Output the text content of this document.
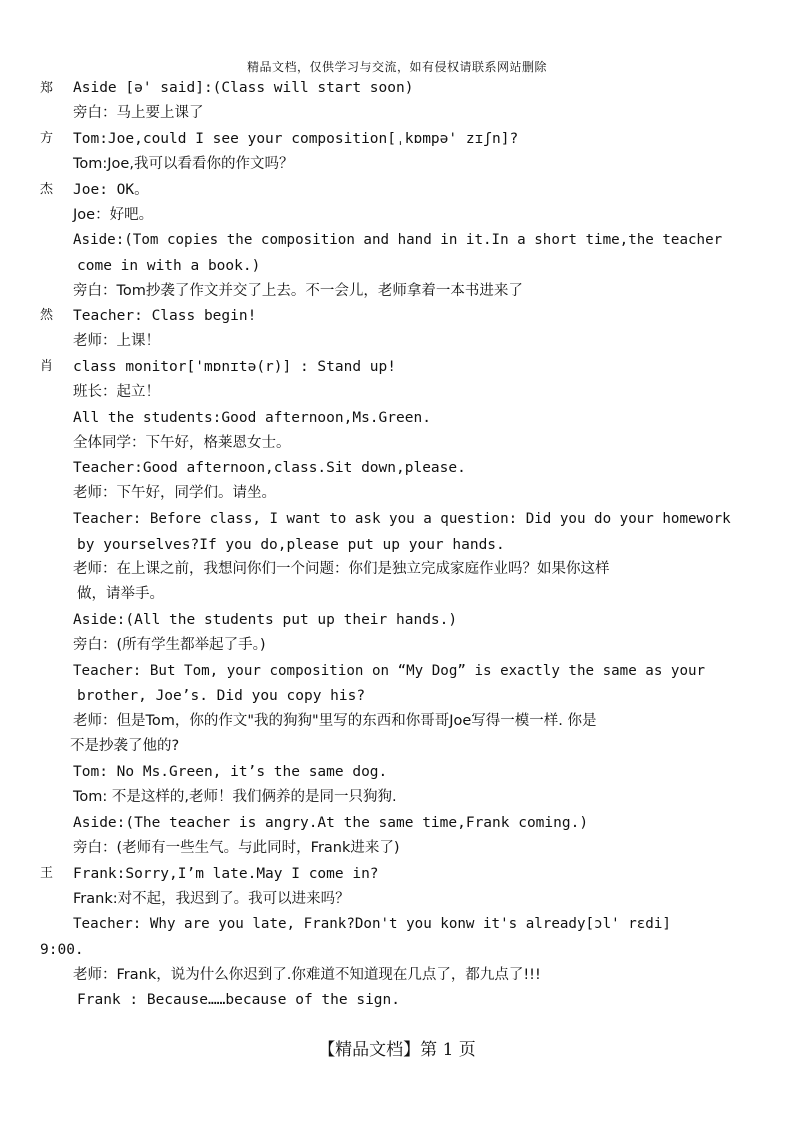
精品文档，仅供学习与交流，如有侵权请联系网站删除
郑
方
杰
然
肖
王
Aside [ə' said]:(Class will start soon)
旁白：马上要上课了
Tom:Joe,could I see your composition[ˌkɒmpə' zɪʃn]?
Tom:Joe,我可以看看你的作文吗？
Joe: OK。
Joe：好吧。
Aside:(Tom copies the composition and hand in it.In a short time,the teacher
come in with a book.)
旁白：Tom抄袭了作文并交了上去。不一会儿，老师拿着一本书进来了
Teacher: Class begin!
老师：上课！
class monitor['mɒnɪtə(r)] : Stand up!
班长：起立！
All the students:Good afternoon,Ms.Green.
全体同学：下午好，格莱恩女士。
Teacher:Good afternoon,class.Sit down,please.
老师：下午好，同学们。请坐。
Teacher: Before class, I want to ask you a question: Did you do your homework
by yourselves?If you do,please put up your hands.
老师：在上课之前，我想问你们一个问题：你们是独立完成家庭作业吗？如果你这样
做，请举手。
Aside:(All the students put up their hands.)
旁白：(所有学生都举起了手。)
Teacher: But Tom, your composition on “My Dog” is exactly the same as your
brother, Joe’s. Did you copy his?
老师：但是Tom，你的作文"我的狗狗"里写的东西和你哥哥Joe写得一模一样. 你是
不是抄袭了他的?
Tom: No Ms.Green, it’s the same dog.
Tom: 不是这样的,老师！我们俩养的是同一只狗狗.
Aside:(The teacher is angry.At the same time,Frank coming.)
旁白：(老师有一些生气。与此同时，Frank进来了)
Frank:Sorry,I’m late.May I come in?
Frank:对不起，我迟到了。我可以进来吗？
Teacher: Why are you late, Frank?Don't you konw it's already[ɔl' rɛdi]
9:00.
老师：Frank，说为什么你迟到了.你难道不知道现在几点了，都九点了!!!
Frank : Because……because of the sign.
【精品文档】第 1 页
